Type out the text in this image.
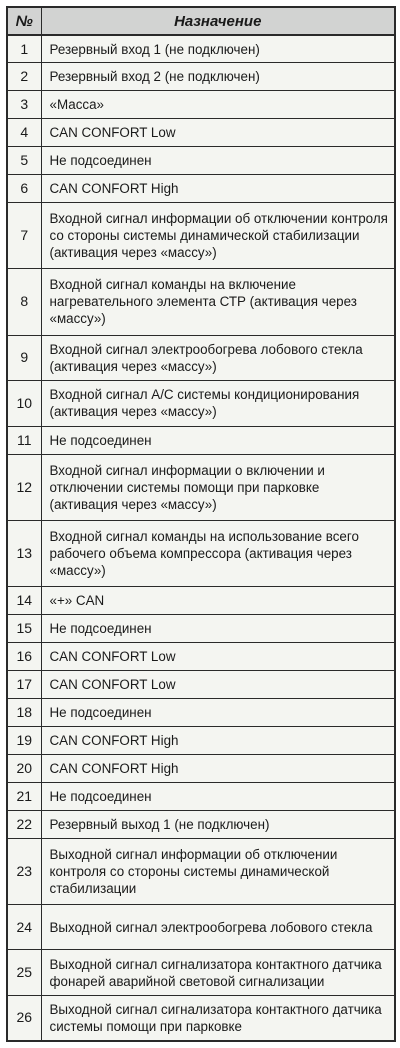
№	Назначение
1	Резервный вход 1 (не подключен)
2	Резервный вход 2 (не подключен)
3	«Масса»
4	CAN CONFORT Low
5	Не подсоединен
6	CAN CONFORT High
7	Входной сигнал информации об отключении контроля со стороны системы динамической стабилизации (активация через «массу»)
8	Входной сигнал команды на включение нагревательного элемента СТР (активация через «массу»)
9	Входной сигнал электрообогрева лобового стекла (активация через «массу»)
10	Входной сигнал A/C системы кондиционирования (активация через «массу»)
11	Не подсоединен
12	Входной сигнал информации о включении и отключении системы помощи при парковке (активация через «массу»)
13	Входной сигнал команды на использование всего рабочего объема компрессора (активация через «массу»)
14	«+» CAN
15	Не подсоединен
16	CAN CONFORT Low
17	CAN CONFORT Low
18	Не подсоединен
19	CAN CONFORT High
20	CAN CONFORT High
21	Не подсоединен
22	Резервный выход 1 (не подключен)
23	Выходной сигнал информации об отключении контроля со стороны системы динамической стабилизации
24	Выходной сигнал электрообогрева лобового стекла
25	Выходной сигнал сигнализатора контактного датчика фонарей аварийной световой сигнализации
26	Выходной сигнал сигнализатора контактного датчика системы помощи при парковке
